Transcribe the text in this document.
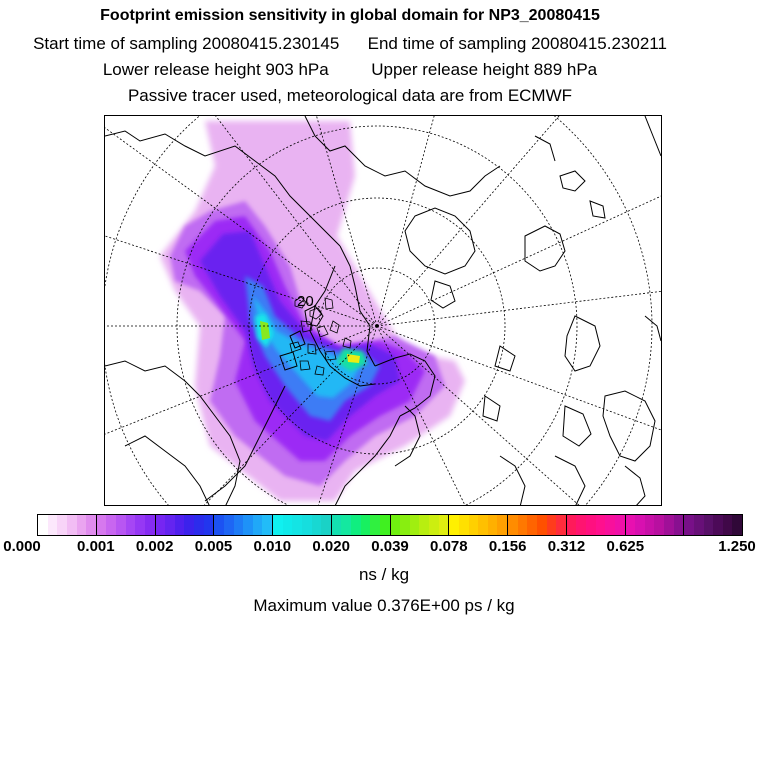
Footprint emission sensitivity in global domain for NP3_20080415
Start time of sampling 20080415.230145 End time of sampling 20080415.230211
Lower release height 903 hPa	Upper release height 889 hPa
Passive tracer used, meteorological data are from ECMWF
20
0.000 0.001 0.002 0.005 0.010 0.020 0.039 0.078 0.156 0.312 0.625	1.250
ns / kg
Maximum value 0.376E+00 ps / kg
